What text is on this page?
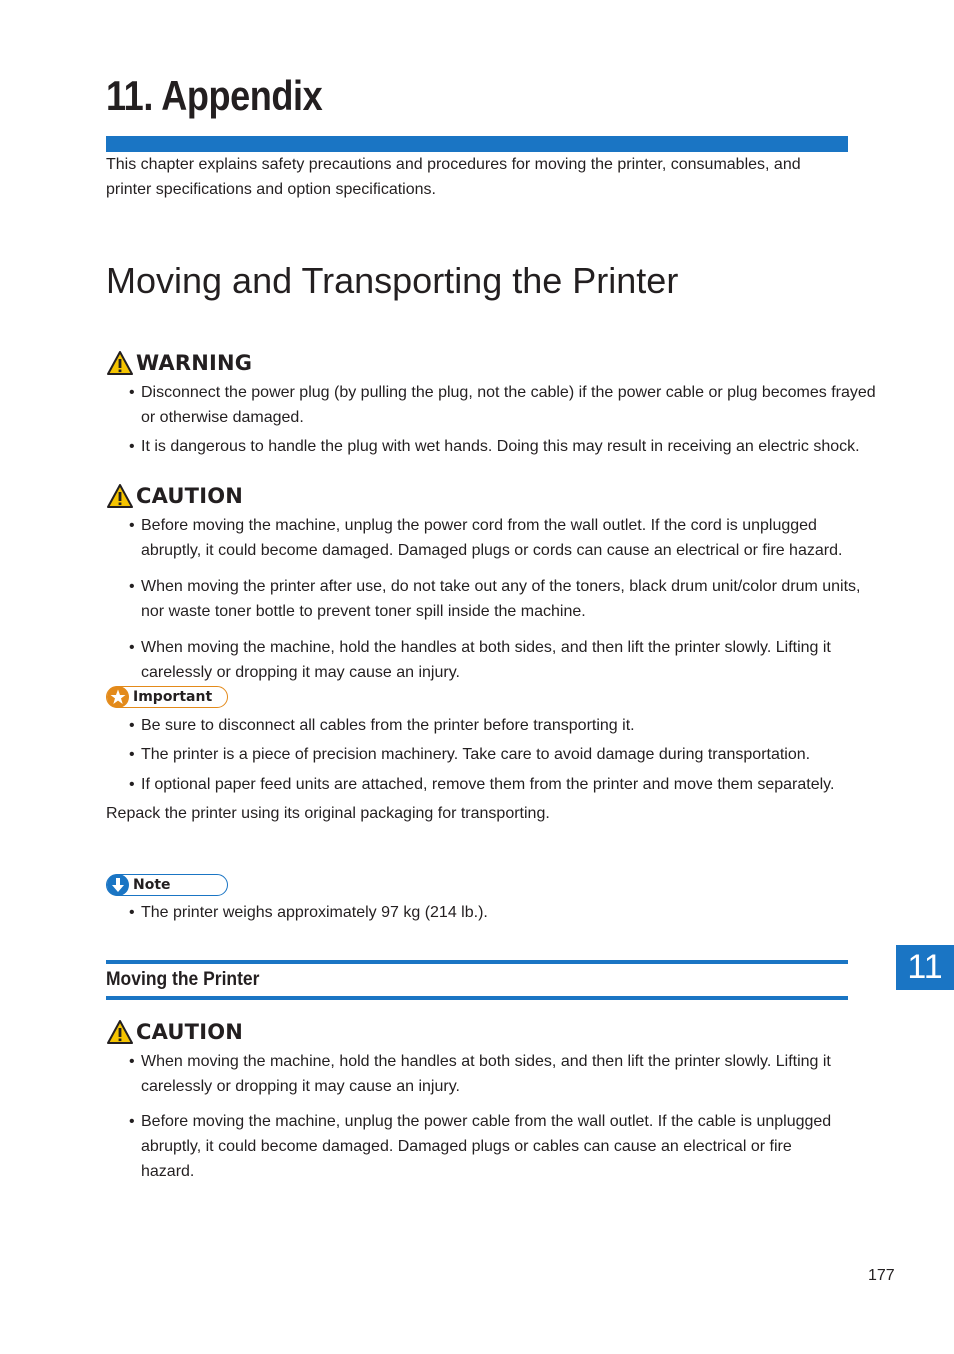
11. Appendix

This chapter explains safety precautions and procedures for moving the printer, consumables, and printer specifications and option specifications.

Moving and Transporting the Printer
WARNING
• Disconnect the power plug (by pulling the plug, not the cable) if the power cable or plug becomes frayed or otherwise damaged.
• It is dangerous to handle the plug with wet hands. Doing this may result in receiving an electric shock.
CAUTION
• Before moving the machine, unplug the power cord from the wall outlet. If the cord is unplugged abruptly, it could become damaged. Damaged plugs or cords can cause an electrical or fire hazard.
• When moving the printer after use, do not take out any of the toners, black drum unit/color drum units, nor waste toner bottle to prevent toner spill inside the machine.
• When moving the machine, hold the handles at both sides, and then lift the printer slowly. Lifting it carelessly or dropping it may cause an injury.
Important
• Be sure to disconnect all cables from the printer before transporting it.
• The printer is a piece of precision machinery. Take care to avoid damage during transportation.
• If optional paper feed units are attached, remove them from the printer and move them separately.

Repack the printer using its original packaging for transporting.

Note
• The printer weighs approximately 97 kg (214 lb.).
Moving the Printer
CAUTION
• When moving the machine, hold the handles at both sides, and then lift the printer slowly. Lifting it carelessly or dropping it may cause an injury.
• Before moving the machine, unplug the power cable from the wall outlet. If the cable is unplugged abruptly, it could become damaged. Damaged plugs or cables can cause an electrical or fire hazard.
11
177
